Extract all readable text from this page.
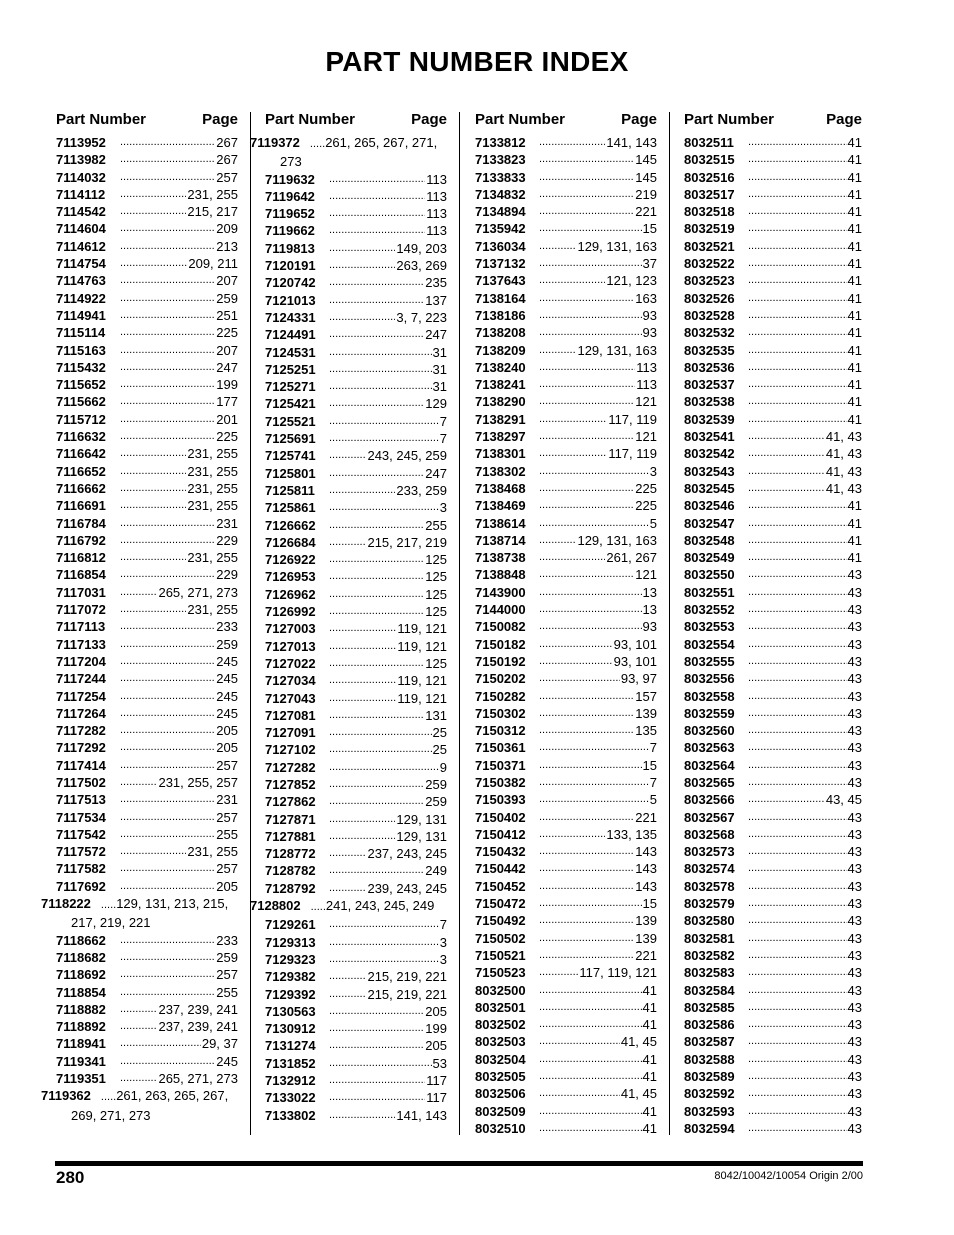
PART NUMBER INDEX
Part Number	Page
7113952 .....	267
7113982 .....	267
7114032 .....	257
7114112 .....	231, 255
7114542 .....	215, 217
7114604 .....	209
7114612 .....	213
7114754 .....	209, 211
7114763 .....	207
7114922 .....	259
7114941 .....	251
7115114 .....	225
7115163 .....	207
7115432 .....	247
7115652 .....	199
7115662 .....	177
7115712 .....	201
7116632 .....	225
7116642 .....	231, 255
7116652 .....	231, 255
7116662 .....	231, 255
7116691 .....	231, 255
7116784 .....	231
7116792 .....	229
7116812 .....	231, 255
7116854 .....	229
7117031 .....	265, 271, 273
7117072 .....	231, 255
7117113 .....	233
7117133 .....	259
7117204 .....	245
7117244 .....	245
7117254 .....	245
7117264 .....	245
7117282 .....	205
7117292 .....	205
7117414 .....	257
7117502 .....	231, 255, 257
7117513 .....	231
7117534 .....	257
7117542 .....	255
7117572 .....	231, 255
7117582 .....	257
7117692 .....	205
7118222 ..... 129, 131, 213, 215, 217, 219, 221
7118662 .....	233
7118682 .....	259
7118692 .....	257
7118854 .....	255
7118882 .....	237, 239, 241
7118892 .....	237, 239, 241
7118941 .....	29, 37
7119341 .....	245
7119351 .....	265, 271, 273
7119362 ..... 261, 263, 265, 267, 269, 271, 273
Part Number	Page
7119372 ..... 261, 265, 267, 271, 273
7119632 .....	113
7119642 .....	113
7119652 .....	113
7119662 .....	113
7119813 .....	149, 203
7120191 .....	263, 269
7120742 .....	235
7121013 .....	137
7124331 .....	3, 7, 223
7124491 .....	247
7124531 .....	31
7125251 .....	31
7125271 .....	31
7125421 .....	129
7125521 .....	7
7125691 .....	7
7125741 .....	243, 245, 259
7125801 .....	247
7125811 .....	233, 259
7125861 .....	3
7126662 .....	255
7126684 .....	215, 217, 219
7126922 .....	125
7126953 .....	125
7126962 .....	125
7126992 .....	125
7127003 .....	119, 121
7127013 .....	119, 121
7127022 .....	125
7127034 .....	119, 121
7127043 .....	119, 121
7127081 .....	131
7127091 .....	25
7127102 .....	25
7127282 .....	9
7127852 .....	259
7127862 .....	259
7127871 .....	129, 131
7127881 .....	129, 131
7128772 .....	237, 243, 245
7128782 .....	249
7128792 .....	239, 243, 245
7128802 ..... 241, 243, 245, 249
7129261 .....	7
7129313 .....	3
7129323 .....	3
7129382 .....	215, 219, 221
7129392 .....	215, 219, 221
7130563 .....	205
7130912 .....	199
7131274 .....	205
7131852 .....	53
7132912 .....	117
7133022 .....	117
7133802 .....	141, 143
Part Number	Page
7133812 .....	141, 143
7133823 .....	145
7133833 .....	145
7134832 .....	219
7134894 .....	221
7135942 .....	15
7136034 .....	129, 131, 163
7137132 .....	37
7137643 .....	121, 123
7138164 .....	163
7138186 .....	93
7138208 .....	93
7138209 .....	129, 131, 163
7138240 .....	113
7138241 .....	113
7138290 .....	121
7138291 .....	117, 119
7138297 .....	121
7138301 .....	117, 119
7138302 .....	3
7138468 .....	225
7138469 .....	225
7138614 .....	5
7138714 .....	129, 131, 163
7138738 .....	261, 267
7138848 .....	121
7143900 .....	13
7144000 .....	13
7150082 .....	93
7150182 .....	93, 101
7150192 .....	93, 101
7150202 .....	93, 97
7150282 .....	157
7150302 .....	139
7150312 .....	135
7150361 .....	7
7150371 .....	15
7150382 .....	7
7150393 .....	5
7150402 .....	221
7150412 .....	133, 135
7150432 .....	143
7150442 .....	143
7150452 .....	143
7150472 .....	15
7150492 .....	139
7150502 .....	139
7150521 .....	221
7150523 .....	117, 119, 121
8032500 .....	41
8032501 .....	41
8032502 .....	41
8032503 .....	41, 45
8032504 .....	41
8032505 .....	41
8032506 .....	41, 45
8032509 .....	41
8032510 .....	41
Part Number	Page
8032511 .....	41
8032515 .....	41
8032516 .....	41
8032517 .....	41
8032518 .....	41
8032519 .....	41
8032521 .....	41
8032522 .....	41
8032523 .....	41
8032526 .....	41
8032528 .....	41
8032532 .....	41
8032535 .....	41
8032536 .....	41
8032537 .....	41
8032538 .....	41
8032539 .....	41
8032541 .....	41, 43
8032542 .....	41, 43
8032543 .....	41, 43
8032545 .....	41, 43
8032546 .....	41
8032547 .....	41
8032548 .....	41
8032549 .....	41
8032550 .....	43
8032551 .....	43
8032552 .....	43
8032553 .....	43
8032554 .....	43
8032555 .....	43
8032556 .....	43
8032558 .....	43
8032559 .....	43
8032560 .....	43
8032563 .....	43
8032564 .....	43
8032565 .....	43
8032566 .....	43, 45
8032567 .....	43
8032568 .....	43
8032573 .....	43
8032574 .....	43
8032578 .....	43
8032579 .....	43
8032580 .....	43
8032581 .....	43
8032582 .....	43
8032583 .....	43
8032584 .....	43
8032585 .....	43
8032586 .....	43
8032587 .....	43
8032588 .....	43
8032589 .....	43
8032592 .....	43
8032593 .....	43
8032594 .....	43
280	8042/10042/10054 Origin 2/00
